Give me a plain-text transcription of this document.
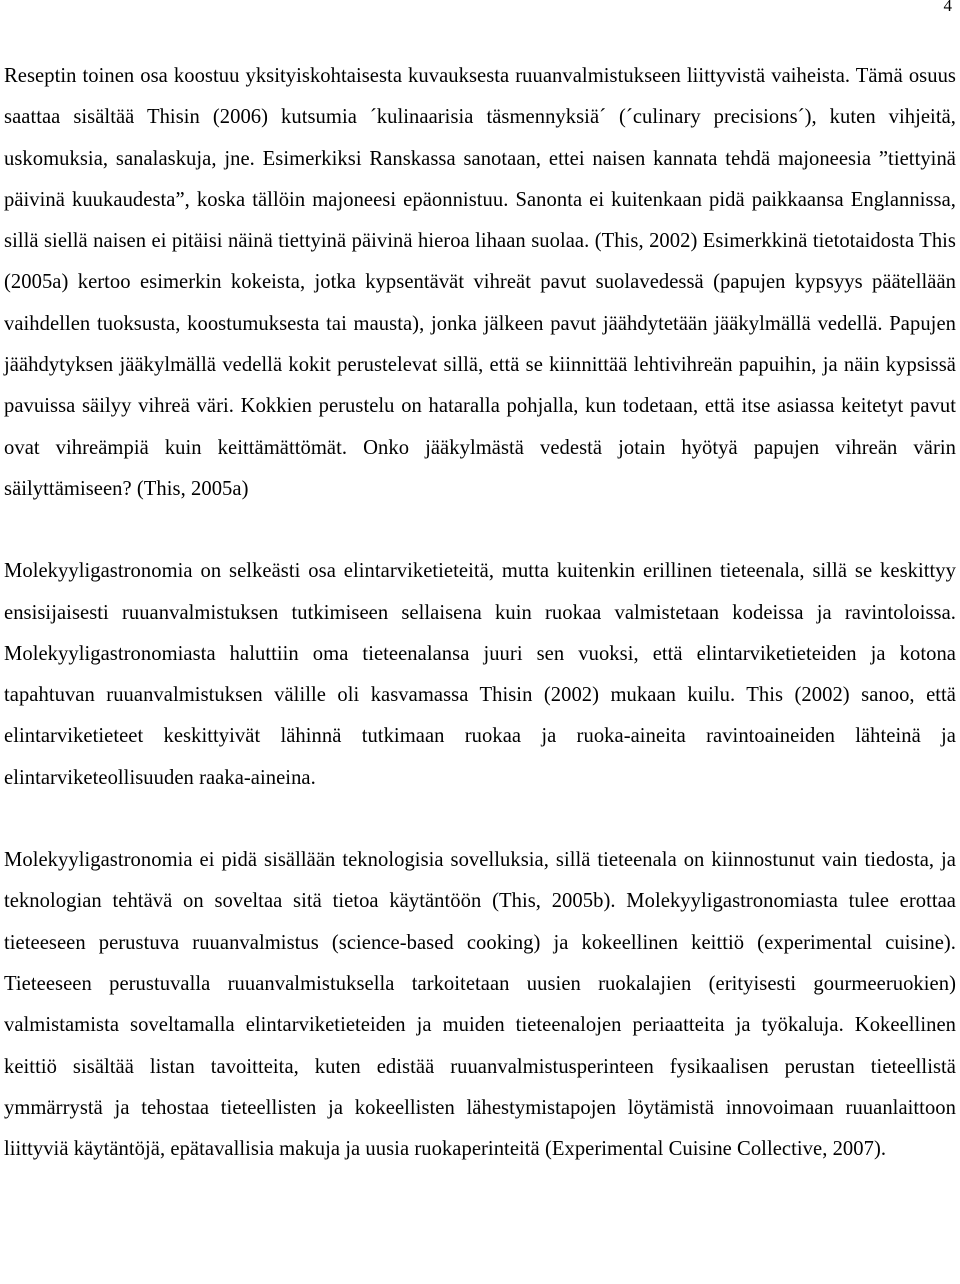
4

Reseptin toinen osa koostuu yksityiskohtaisesta kuvauksesta ruuanvalmistukseen liittyvistä vaiheista. Tämä osuus saattaa sisältää Thisin (2006) kutsumia ´kulinaarisia täsmennyksiä´ (´culinary precisions´), kuten vihjeitä, uskomuksia, sanalaskuja, jne. Esimerkiksi Ranskassa sanotaan, ettei naisen kannata tehdä majoneesia ”tiettyinä päivinä kuukaudesta”, koska tällöin majoneesi epäonnistuu. Sanonta ei kuitenkaan pidä paikkaansa Englannissa, sillä siellä naisen ei pitäisi näinä tiettyinä päivinä hieroa lihaan suolaa. (This, 2002) Esimerkkinä tietotaidosta This (2005a) kertoo esimerkin kokeista, jotka kypsentävät vihreät pavut suolavedessä (papujen kypsyys päätellään vaihdellen tuoksusta, koostumuksesta tai mausta), jonka jälkeen pavut jäähdytetään jääkylmällä vedellä. Papujen jäähdytyksen jääkylmällä vedellä kokit perustelevat sillä, että se kiinnittää lehtivihreän papuihin, ja näin kypsissä pavuissa säilyy vihreä väri. Kokkien perustelu on hataralla pohjalla, kun todetaan, että itse asiassa keitetyt pavut ovat vihreämpiä kuin keittämättömät. Onko jääkylmästä vedestä jotain hyötyä papujen vihreän värin säilyttämiseen? (This, 2005a)

Molekyyligastronomia on selkeästi osa elintarviketieteitä, mutta kuitenkin erillinen tieteenala, sillä se keskittyy ensisijaisesti ruuanvalmistuksen tutkimiseen sellaisena kuin ruokaa valmistetaan kodeissa ja ravintoloissa. Molekyyligastronomiasta haluttiin oma tieteenalansa juuri sen vuoksi, että elintarviketieteiden ja kotona tapahtuvan ruuanvalmistuksen välille oli kasvamassa Thisin (2002) mukaan kuilu. This (2002) sanoo, että elintarviketieteet keskittyivät lähinnä tutkimaan ruokaa ja ruoka-aineita ravintoaineiden lähteinä ja elintarviketeollisuuden raaka-aineina.

Molekyyligastronomia ei pidä sisällään teknologisia sovelluksia, sillä tieteenala on kiinnostunut vain tiedosta, ja teknologian tehtävä on soveltaa sitä tietoa käytäntöön (This, 2005b). Molekyyligastronomiasta tulee erottaa tieteeseen perustuva ruuanvalmistus (science-based cooking) ja kokeellinen keittiö (experimental cuisine). Tieteeseen perustuvalla ruuanvalmistuksella tarkoitetaan uusien ruokalajien (erityisesti gourmeeruokien) valmistamista soveltamalla elintarviketieteiden ja muiden tieteenalojen periaatteita ja työkaluja. Kokeellinen keittiö sisältää listan tavoitteita, kuten edistää ruuanvalmistusperinteen fysikaalisen perustan tieteellistä ymmärrystä ja tehostaa tieteellisten ja kokeellisten lähestymistapojen löytämistä innovoimaan ruuanlaittoon liittyviä käytäntöjä, epätavallisia makuja ja uusia ruokaperinteitä (Experimental Cuisine Collective, 2007).
